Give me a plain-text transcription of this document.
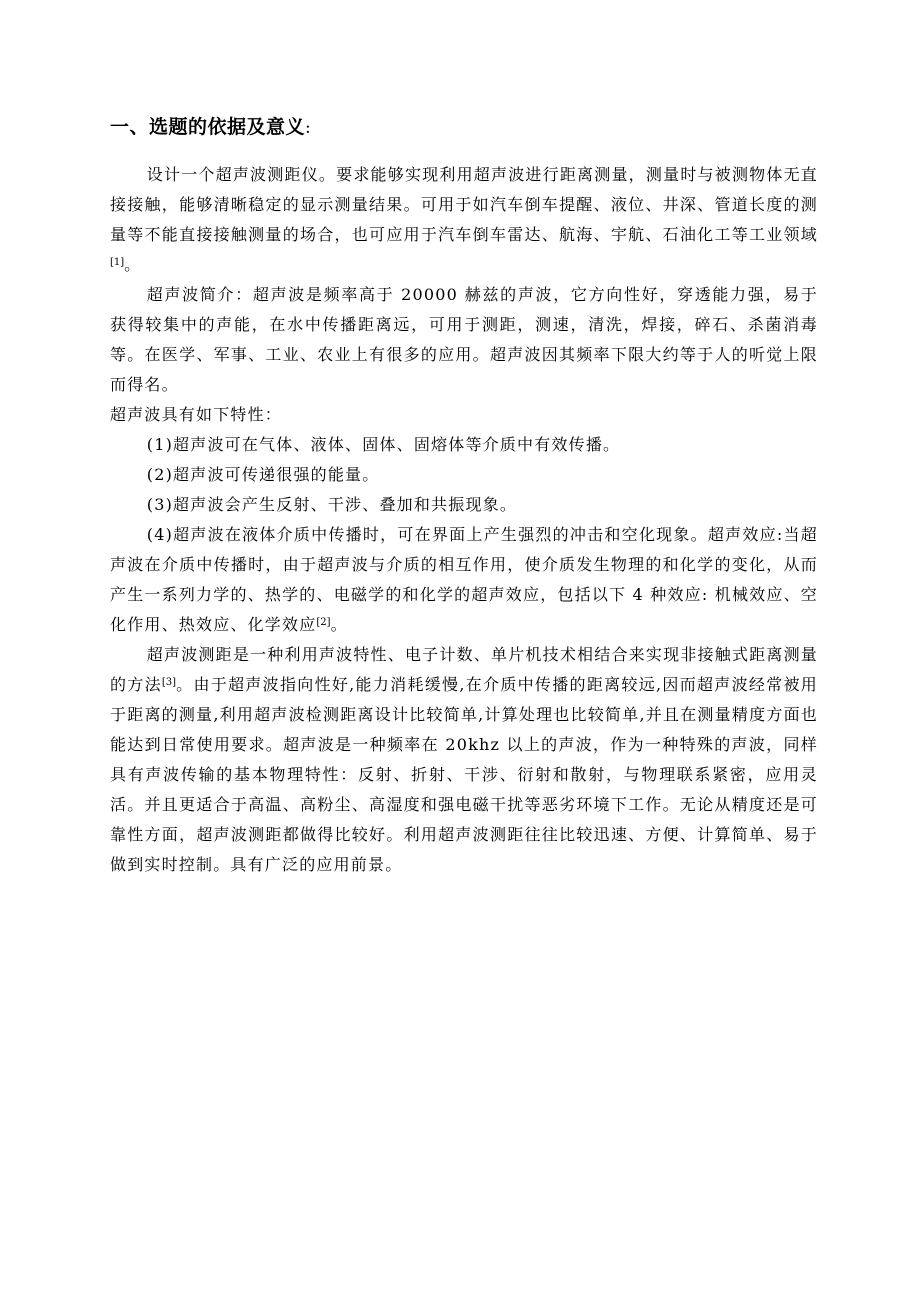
一、选题的依据及意义:

设计一个超声波测距仪。要求能够实现利用超声波进行距离测量，测量时与被测物体无直接接触，能够清晰稳定的显示测量结果。可用于如汽车倒车提醒、液位、井深、管道长度的测量等不能直接接触测量的场合，也可应用于汽车倒车雷达、航海、宇航、石油化工等工业领域[1]。

超声波简介：超声波是频率高于 20000 赫兹的声波，它方向性好，穿透能力强，易于获得较集中的声能，在水中传播距离远，可用于测距，测速，清洗，焊接，碎石、杀菌消毒等。在医学、军事、工业、农业上有很多的应用。超声波因其频率下限大约等于人的听觉上限而得名。

超声波具有如下特性：

(1)超声波可在气体、液体、固体、固熔体等介质中有效传播。

(2)超声波可传递很强的能量。

(3)超声波会产生反射、干涉、叠加和共振现象。

(4)超声波在液体介质中传播时，可在界面上产生强烈的冲击和空化现象。超声效应:当超声波在介质中传播时，由于超声波与介质的相互作用，使介质发生物理的和化学的变化，从而产生一系列力学的、热学的、电磁学的和化学的超声效应，包括以下 4 种效应: 机械效应、空化作用、热效应、化学效应[2]。

超声波测距是一种利用声波特性、电子计数、单片机技术相结合来实现非接触式距离测量的方法[3]。由于超声波指向性好,能力消耗缓慢,在介质中传播的距离较远,因而超声波经常被用于距离的测量,利用超声波检测距离设计比较简单,计算处理也比较简单,并且在测量精度方面也能达到日常使用要求。超声波是一种频率在 20khz 以上的声波，作为一种特殊的声波，同样具有声波传输的基本物理特性：反射、折射、干涉、衍射和散射，与物理联系紧密，应用灵活。并且更适合于高温、高粉尘、高湿度和强电磁干扰等恶劣环境下工作。无论从精度还是可靠性方面，超声波测距都做得比较好。利用超声波测距往往比较迅速、方便、计算简单、易于做到实时控制。具有广泛的应用前景。
